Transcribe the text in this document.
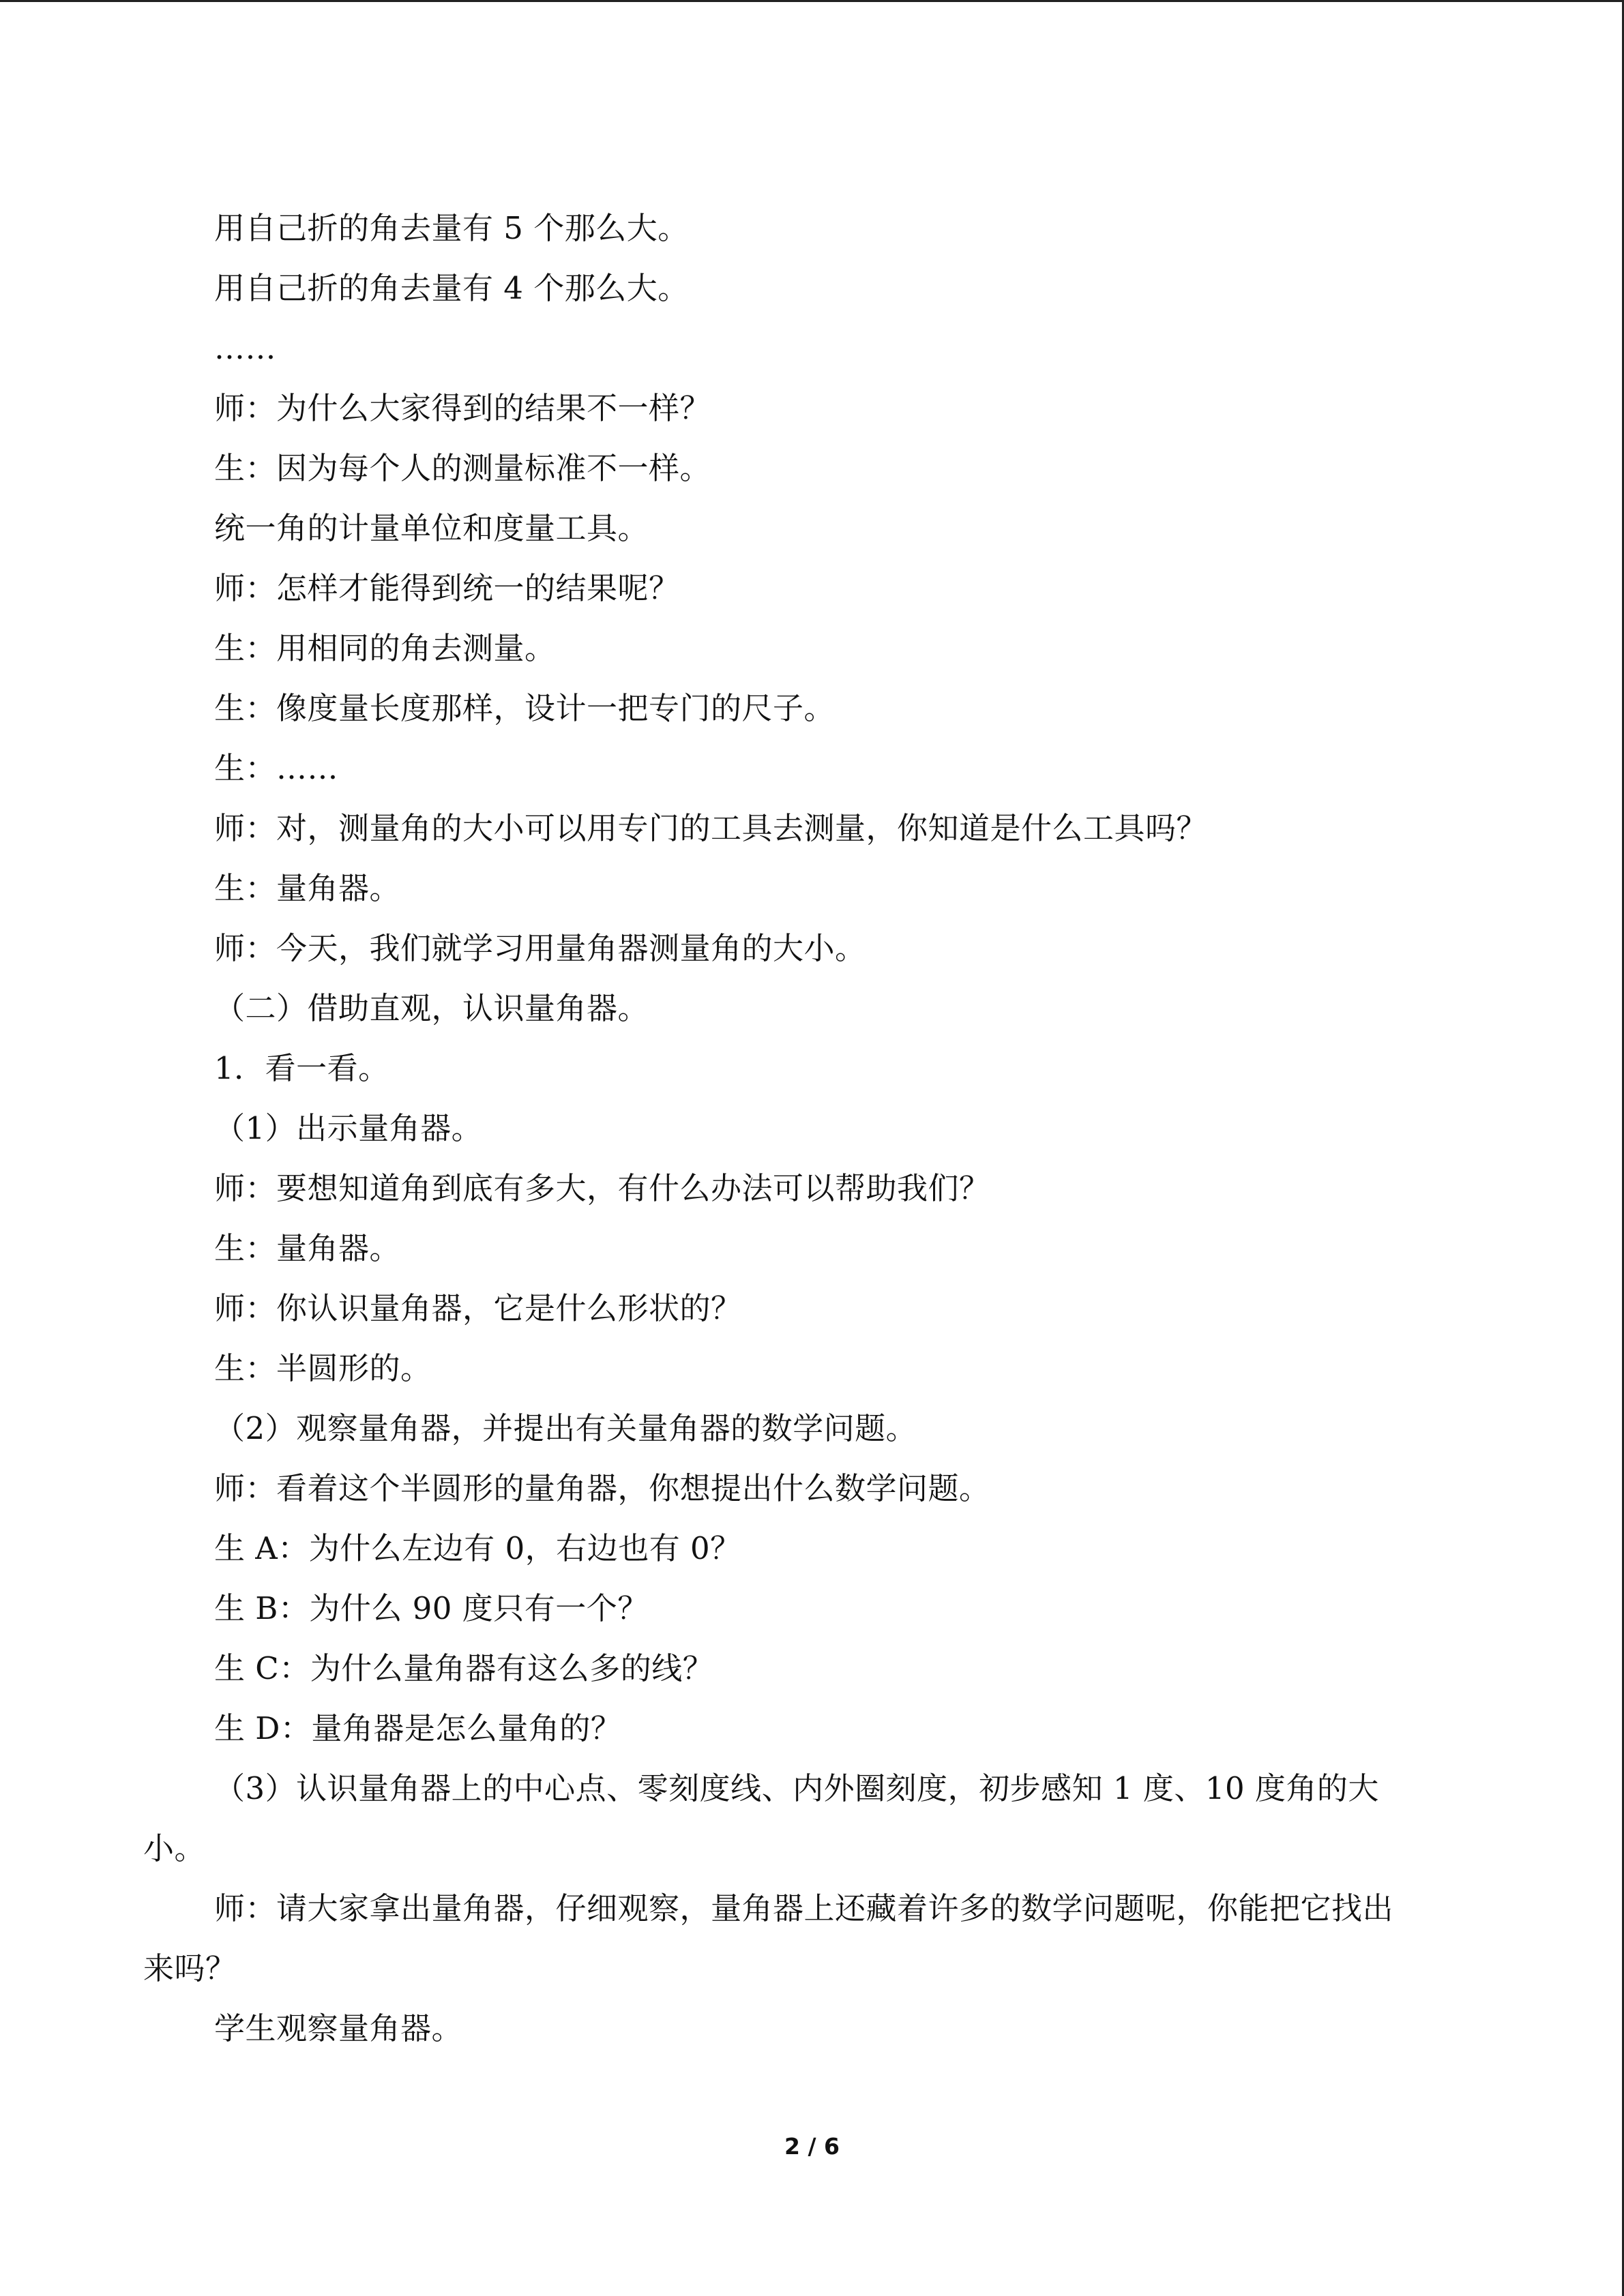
用自己折的角去量有 5 个那么大。
用自己折的角去量有 4 个那么大。
……
师：为什么大家得到的结果不一样？
生：因为每个人的测量标准不一样。
统一角的计量单位和度量工具。
师：怎样才能得到统一的结果呢？
生：用相同的角去测量。
生：像度量长度那样，设计一把专门的尺子。
生：……
师：对，测量角的大小可以用专门的工具去测量，你知道是什么工具吗？
生：量角器。
师：今天，我们就学习用量角器测量角的大小。
（二）借助直观，认识量角器。
1．看一看。
（1）出示量角器。
师：要想知道角到底有多大，有什么办法可以帮助我们？
生：量角器。
师：你认识量角器，它是什么形状的？
生：半圆形的。
（2）观察量角器，并提出有关量角器的数学问题。
师：看着这个半圆形的量角器，你想提出什么数学问题。
生 A：为什么左边有 0，右边也有 0？
生 B：为什么 90 度只有一个？
生 C：为什么量角器有这么多的线？
生 D：量角器是怎么量角的？
（3）认识量角器上的中心点、零刻度线、内外圈刻度，初步感知 1 度、10 度角的大
小。
师：请大家拿出量角器，仔细观察，量角器上还藏着许多的数学问题呢，你能把它找出
来吗？
学生观察量角器。
2 / 6
